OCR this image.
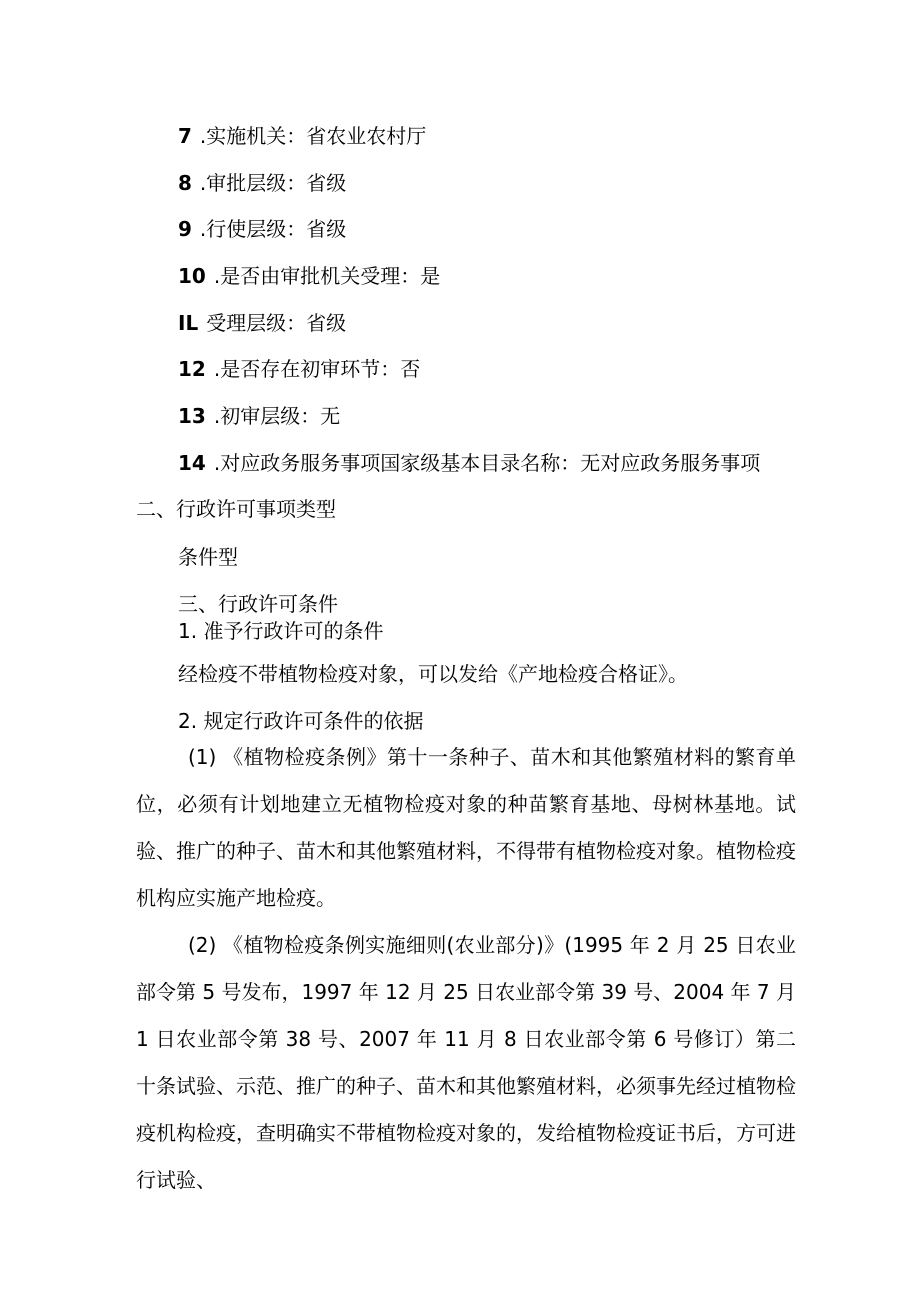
7 .实施机关：省农业农村厅
8 .审批层级：省级
9 .行使层级：省级
10 .是否由审批机关受理：是
IL 受理层级：省级
12 .是否存在初审环节：否
13 .初审层级：无
14 .对应政务服务事项国家级基本目录名称：无对应政务服务事项
二、行政许可事项类型
条件型
三、行政许可条件
1. 准予行政许可的条件
经检疫不带植物检疫对象，可以发给《产地检疫合格证》。
2. 规定行政许可条件的依据
(1) 《植物检疫条例》第十一条种子、苗木和其他繁殖材料的繁育单位，必须有计划地建立无植物检疫对象的种苗繁育基地、母树林基地。试验、推广的种子、苗木和其他繁殖材料，不得带有植物检疫对象。植物检疫机构应实施产地检疫。
(2) 《植物检疫条例实施细则(农业部分)》(1995 年 2 月 25 日农业部令第 5 号发布，1997 年 12 月 25 日农业部令第 39 号、2004 年 7 月 1 日农业部令第 38 号、2007 年 11 月 8 日农业部令第 6 号修订）第二十条试验、示范、推广的种子、苗木和其他繁殖材料，必须事先经过植物检疫机构检疫，查明确实不带植物检疫对象的，发给植物检疫证书后，方可进行试验、
